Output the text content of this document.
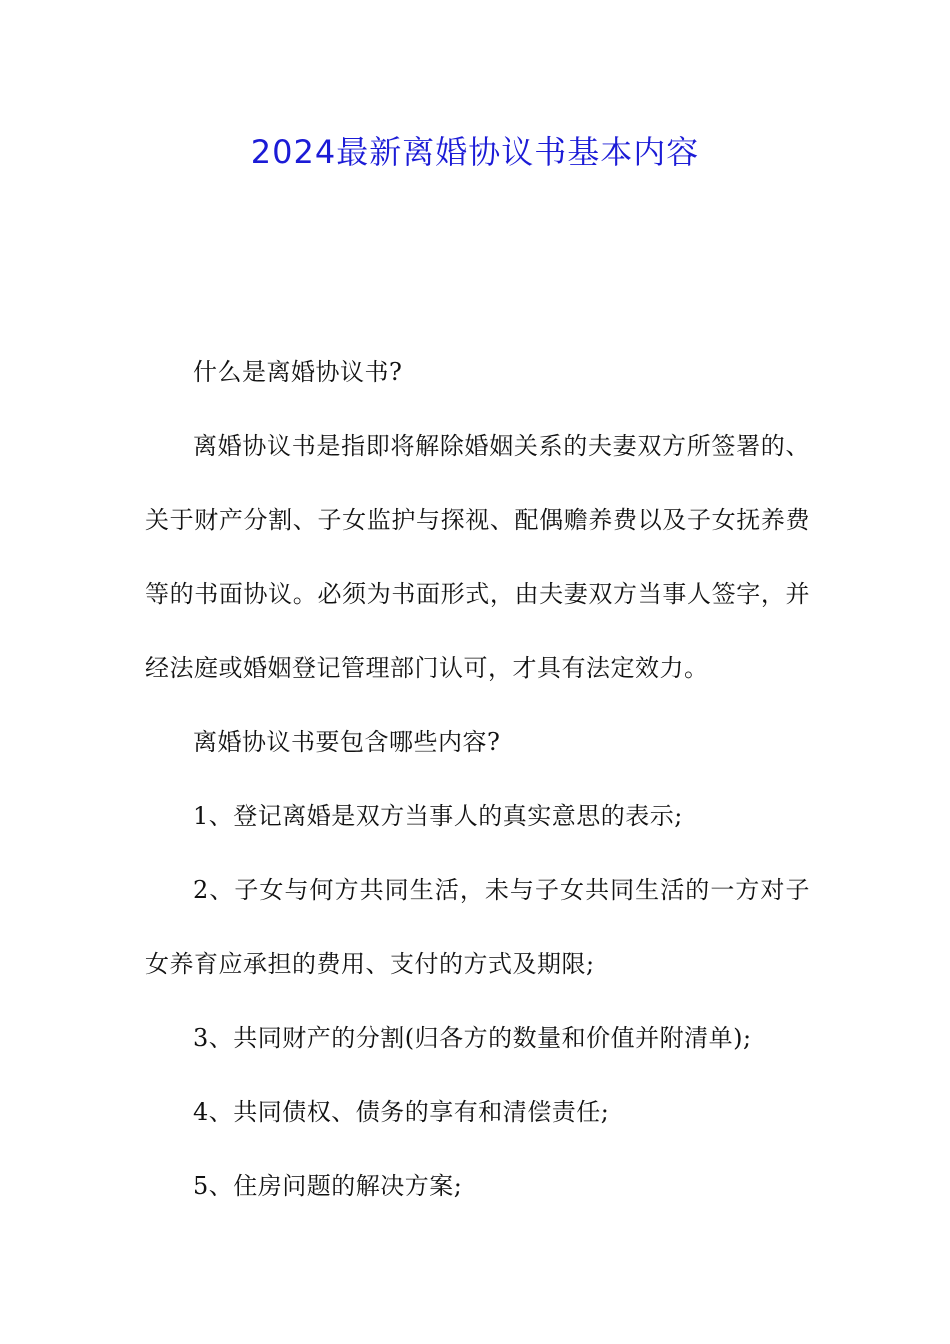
2024最新离婚协议书基本内容

什么是离婚协议书?

离婚协议书是指即将解除婚姻关系的夫妻双方所签署的、关于财产分割、子女监护与探视、配偶赡养费以及子女抚养费等的书面协议。必须为书面形式，由夫妻双方当事人签字，并经法庭或婚姻登记管理部门认可，才具有法定效力。

离婚协议书要包含哪些内容?

1、登记离婚是双方当事人的真实意思的表示;

2、子女与何方共同生活，未与子女共同生活的一方对子女养育应承担的费用、支付的方式及期限;

3、共同财产的分割(归各方的数量和价值并附清单);

4、共同债权、债务的享有和清偿责任;

5、住房问题的解决方案;
